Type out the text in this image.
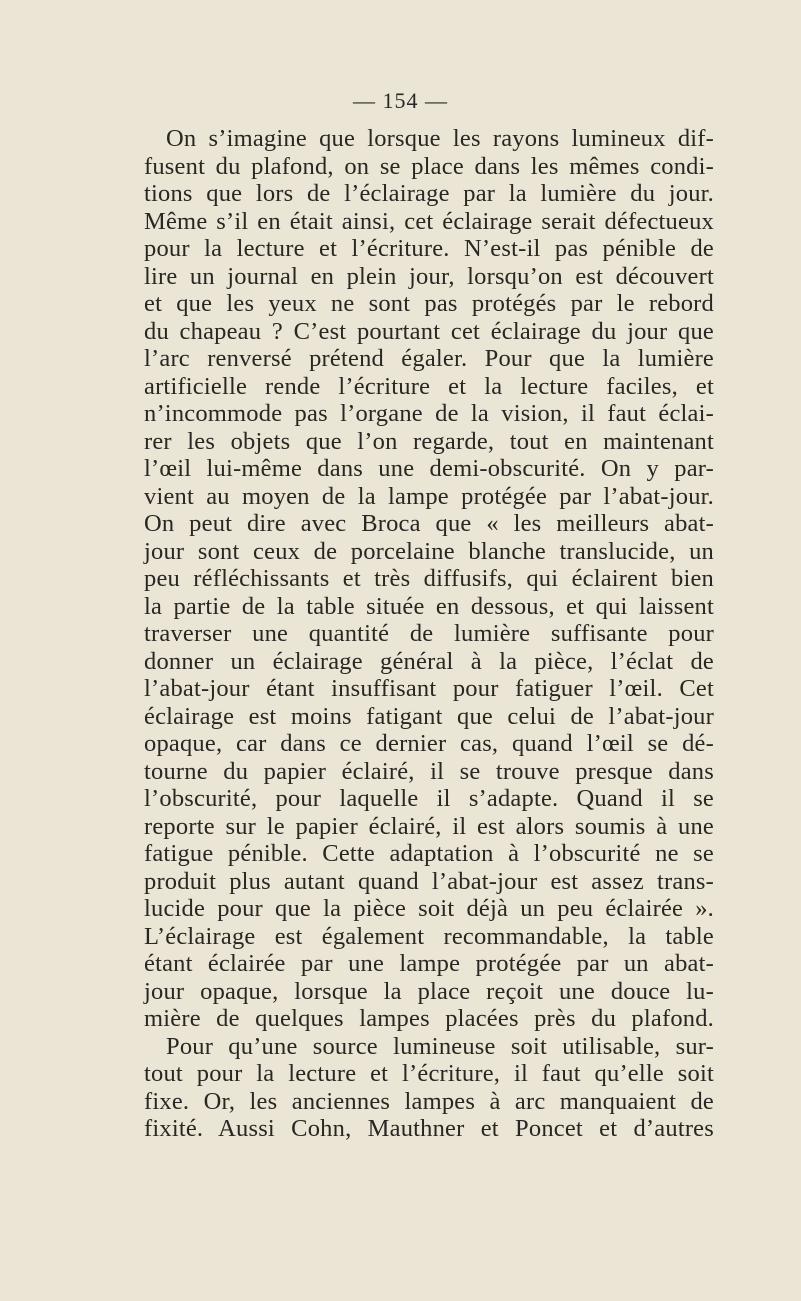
— 154 —
On s’imagine que lorsque les rayons lumineux dif-
fusent du plafond, on se place dans les mêmes condi-
tions que lors de l’éclairage par la lumière du jour.
Même s’il en était ainsi, cet éclairage serait défectueux
pour la lecture et l’écriture. N’est-il pas pénible de
lire un journal en plein jour, lorsqu’on est découvert
et que les yeux ne sont pas protégés par le rebord
du chapeau ? C’est pourtant cet éclairage du jour que
l’arc renversé prétend égaler. Pour que la lumière
artificielle rende l’écriture et la lecture faciles, et
n’incommode pas l’organe de la vision, il faut éclai-
rer les objets que l’on regarde, tout en maintenant
l’œil lui-même dans une demi-obscurité. On y par-
vient au moyen de la lampe protégée par l’abat-jour.
On peut dire avec Broca que « les meilleurs abat-
jour sont ceux de porcelaine blanche translucide, un
peu réfléchissants et très diffusifs, qui éclairent bien
la partie de la table située en dessous, et qui laissent
traverser une quantité de lumière suffisante pour
donner un éclairage général à la pièce, l’éclat de
l’abat-jour étant insuffisant pour fatiguer l’œil. Cet
éclairage est moins fatigant que celui de l’abat-jour
opaque, car dans ce dernier cas, quand l’œil se dé-
tourne du papier éclairé, il se trouve presque dans
l’obscurité, pour laquelle il s’adapte. Quand il se
reporte sur le papier éclairé, il est alors soumis à une
fatigue pénible. Cette adaptation à l’obscurité ne se
produit plus autant quand l’abat-jour est assez trans-
lucide pour que la pièce soit déjà un peu éclairée ».
L’éclairage est également recommandable, la table
étant éclairée par une lampe protégée par un abat-
jour opaque, lorsque la place reçoit une douce lu-
mière de quelques lampes placées près du plafond.
Pour qu’une source lumineuse soit utilisable, sur-
tout pour la lecture et l’écriture, il faut qu’elle soit
fixe. Or, les anciennes lampes à arc manquaient de
fixité. Aussi Cohn, Mauthner et Poncet et d’autres
